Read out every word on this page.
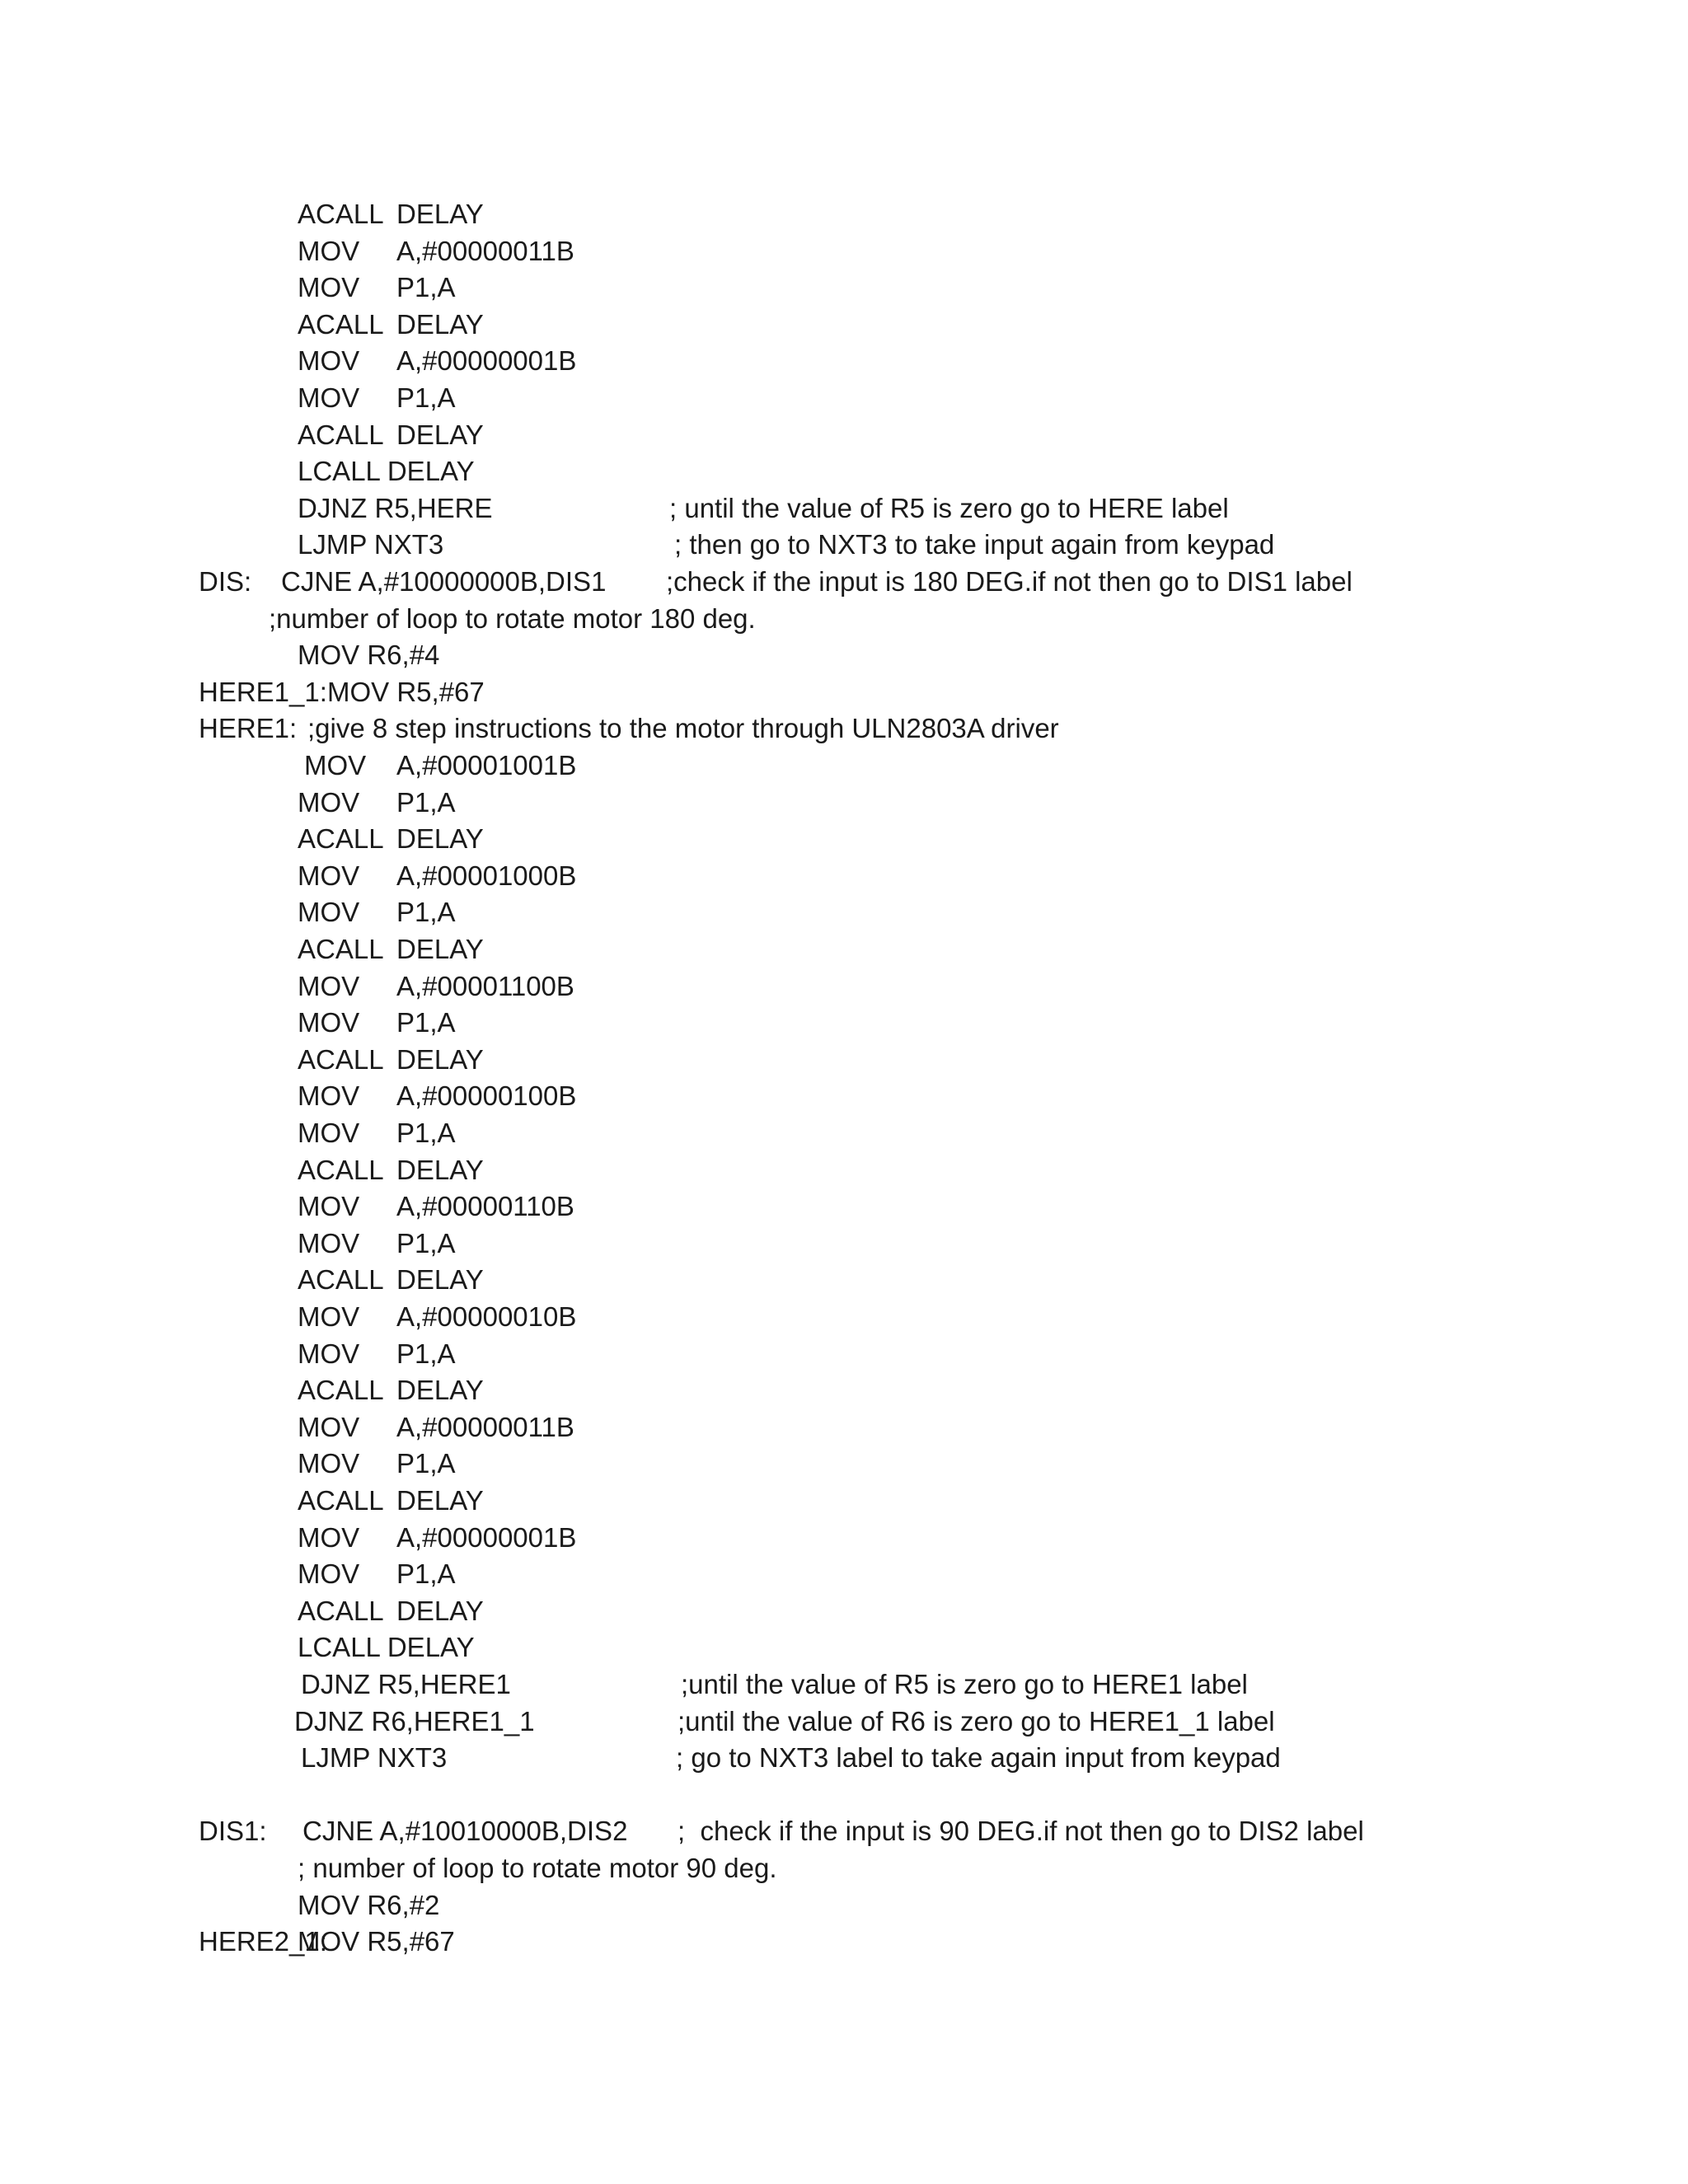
ACALL DELAY
MOV A,#00000011B
MOV P1,A
ACALL DELAY
MOV A,#00000001B
MOV P1,A
ACALL DELAY
LCALL DELAY
DJNZ R5,HERE	; until the value of R5 is zero go to HERE label
LJMP NXT3	; then go to NXT3 to take input again from keypad
DIS: CJNE A,#10000000B,DIS1 ;check if the input is 180 DEG.if not then go to DIS1 label
;number of loop to rotate motor 180 deg.
MOV R6,#4
HERE1_1: MOV R5,#67
HERE1: ;give 8 step instructions to the motor through ULN2803A driver
MOV A,#00001001B
MOV P1,A
ACALL DELAY
MOV A,#00001000B
MOV P1,A
ACALL DELAY
MOV A,#00001100B
MOV P1,A
ACALL DELAY
MOV A,#00000100B
MOV P1,A
ACALL DELAY
MOV A,#00000110B
MOV P1,A
ACALL DELAY
MOV A,#00000010B
MOV P1,A
ACALL DELAY
MOV A,#00000011B
MOV P1,A
ACALL DELAY
MOV A,#00000001B
MOV P1,A
ACALL DELAY
LCALL DELAY
DJNZ R5,HERE1	;until the value of R5 is zero go to HERE1 label
DJNZ R6,HERE1_1	;until the value of R6 is zero go to HERE1_1 label
LJMP NXT3	; go to NXT3 label to take again input from keypad
DIS1: CJNE A,#10010000B,DIS2 ;  check if the input is 90 DEG.if not then go to DIS2 label
; number of loop to rotate motor 90 deg.
MOV R6,#2
HERE2_1:
MOV R5,#67
